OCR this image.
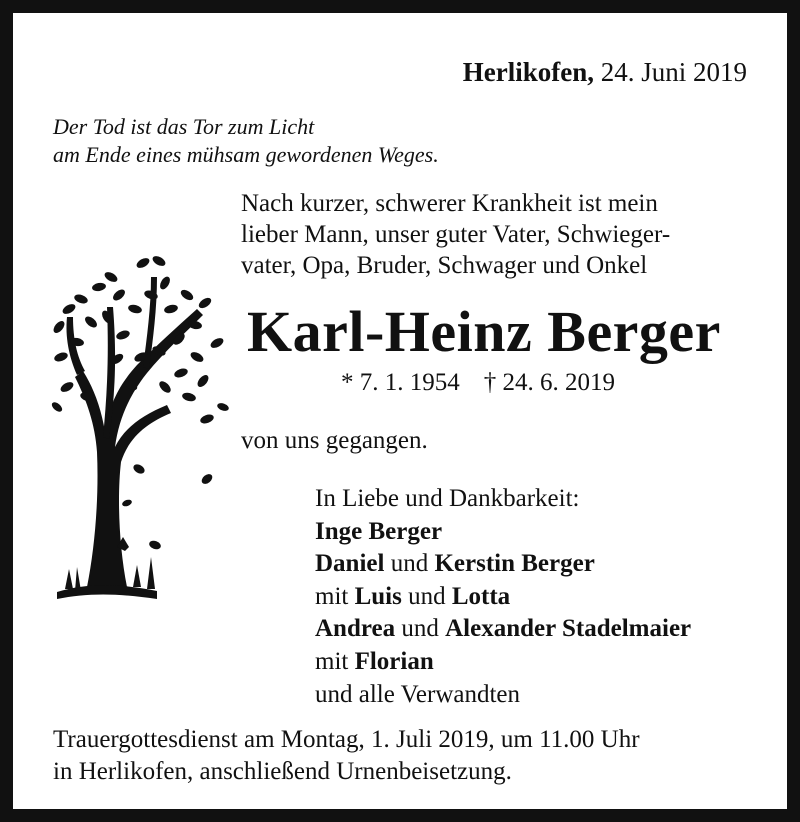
Herlikofen, 24. Juni 2019
Der Tod ist das Tor zum Licht
am Ende eines mühsam gewordenen Weges.
Nach kurzer, schwerer Krankheit ist mein
lieber Mann, unser guter Vater, Schwieger-
vater, Opa, Bruder, Schwager und Onkel
Karl-Heinz Berger
* 7. 1. 1954 † 24. 6. 2019
von uns gegangen.
In Liebe und Dankbarkeit:
Inge Berger
Daniel und Kerstin Berger
mit Luis und Lotta
Andrea und Alexander Stadelmaier
mit Florian
und alle Verwandten
Trauergottesdienst am Montag, 1. Juli 2019, um 11.00 Uhr
in Herlikofen, anschließend Urnenbeisetzung.
